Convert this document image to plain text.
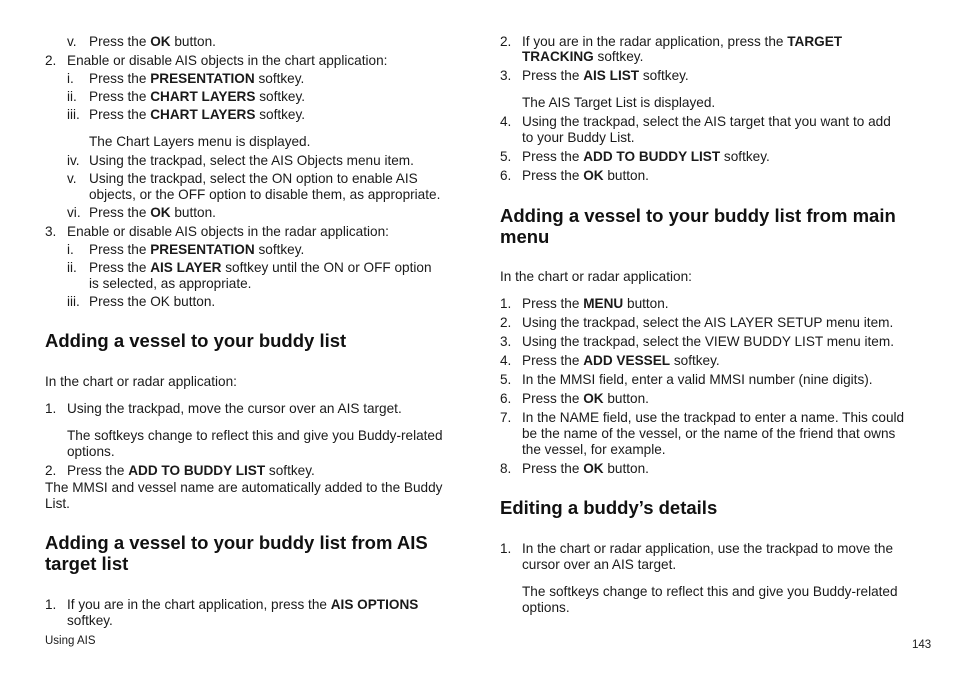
v. Press the OK button.
2. Enable or disable AIS objects in the chart application:
i. Press the PRESENTATION softkey.
ii. Press the CHART LAYERS softkey.
iii. Press the CHART LAYERS softkey.
The Chart Layers menu is displayed.
iv. Using the trackpad, select the AIS Objects menu item.
v. Using the trackpad, select the ON option to enable AIS
objects, or the OFF option to disable them, as appropriate.
vi. Press the OK button.
3. Enable or disable AIS objects in the radar application:
i. Press the PRESENTATION softkey.
ii. Press the AIS LAYER softkey until the ON or OFF option
is selected, as appropriate.
iii. Press the OK button.
Adding a vessel to your buddy list
In the chart or radar application:
1. Using the trackpad, move the cursor over an AIS target.
The softkeys change to reflect this and give you Buddy-related
options.
2. Press the ADD TO BUDDY LIST softkey.
The MMSI and vessel name are automatically added to the Buddy
List.
Adding a vessel to your buddy list from AIS
target list
1. If you are in the chart application, press the AIS OPTIONS
softkey.
2. If you are in the radar application, press the TARGET
TRACKING softkey.
3. Press the AIS LIST softkey.
The AIS Target List is displayed.
4. Using the trackpad, select the AIS target that you want to add
to your Buddy List.
5. Press the ADD TO BUDDY LIST softkey.
6. Press the OK button.
Adding a vessel to your buddy list from main
menu
In the chart or radar application:
1. Press the MENU button.
2. Using the trackpad, select the AIS LAYER SETUP menu item.
3. Using the trackpad, select the VIEW BUDDY LIST menu item.
4. Press the ADD VESSEL softkey.
5. In the MMSI field, enter a valid MMSI number (nine digits).
6. Press the OK button.
7. In the NAME field, use the trackpad to enter a name. This could
be the name of the vessel, or the name of the friend that owns
the vessel, for example.
8. Press the OK button.
Editing a buddy’s details
1. In the chart or radar application, use the trackpad to move the
cursor over an AIS target.
The softkeys change to reflect this and give you Buddy-related
options.
Using AIS	143
